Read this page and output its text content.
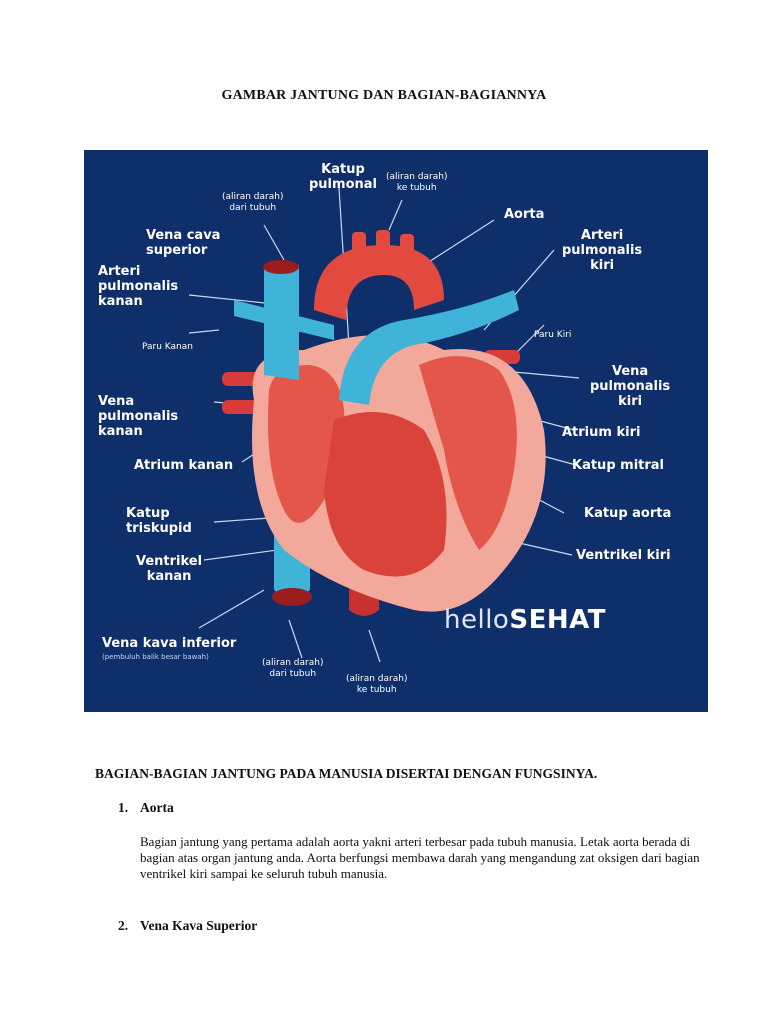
GAMBAR JANTUNG DAN BAGIAN-BAGIANNYA
Katup
pulmonal (aliran darah)
ke tubuh
(aliran darah)
dari tubuh	Aorta
Vena cava
superior
Arteri
pulmonalis
kiri
Arteri
pulmonalis
kanan
Paru Kiri
Paru Kanan
Vena
pulmonalis
kiri
Vena
pulmonalis
kanan	Atrium kiri
Atrium kanan	Katup mitral
Katup
triskupid
Katup aorta
Ventrikel
kanan
Ventrikel kiri
helloSEHAT
Vena kava inferior
(pembuluh balik besar bawah)
(aliran darah)
dari tubuh	(aliran darah)
ke tubuh
BAGIAN-BAGIAN JANTUNG PADA MANUSIA DISERTAI DENGAN FUNGSINYA.
1. Aorta
Bagian jantung yang pertama adalah aorta yakni arteri terbesar pada tubuh manusia. Letak aorta berada di bagian atas organ jantung anda. Aorta berfungsi membawa darah yang mengandung zat oksigen dari bagian ventrikel kiri sampai ke seluruh tubuh manusia.
2. Vena Kava Superior
